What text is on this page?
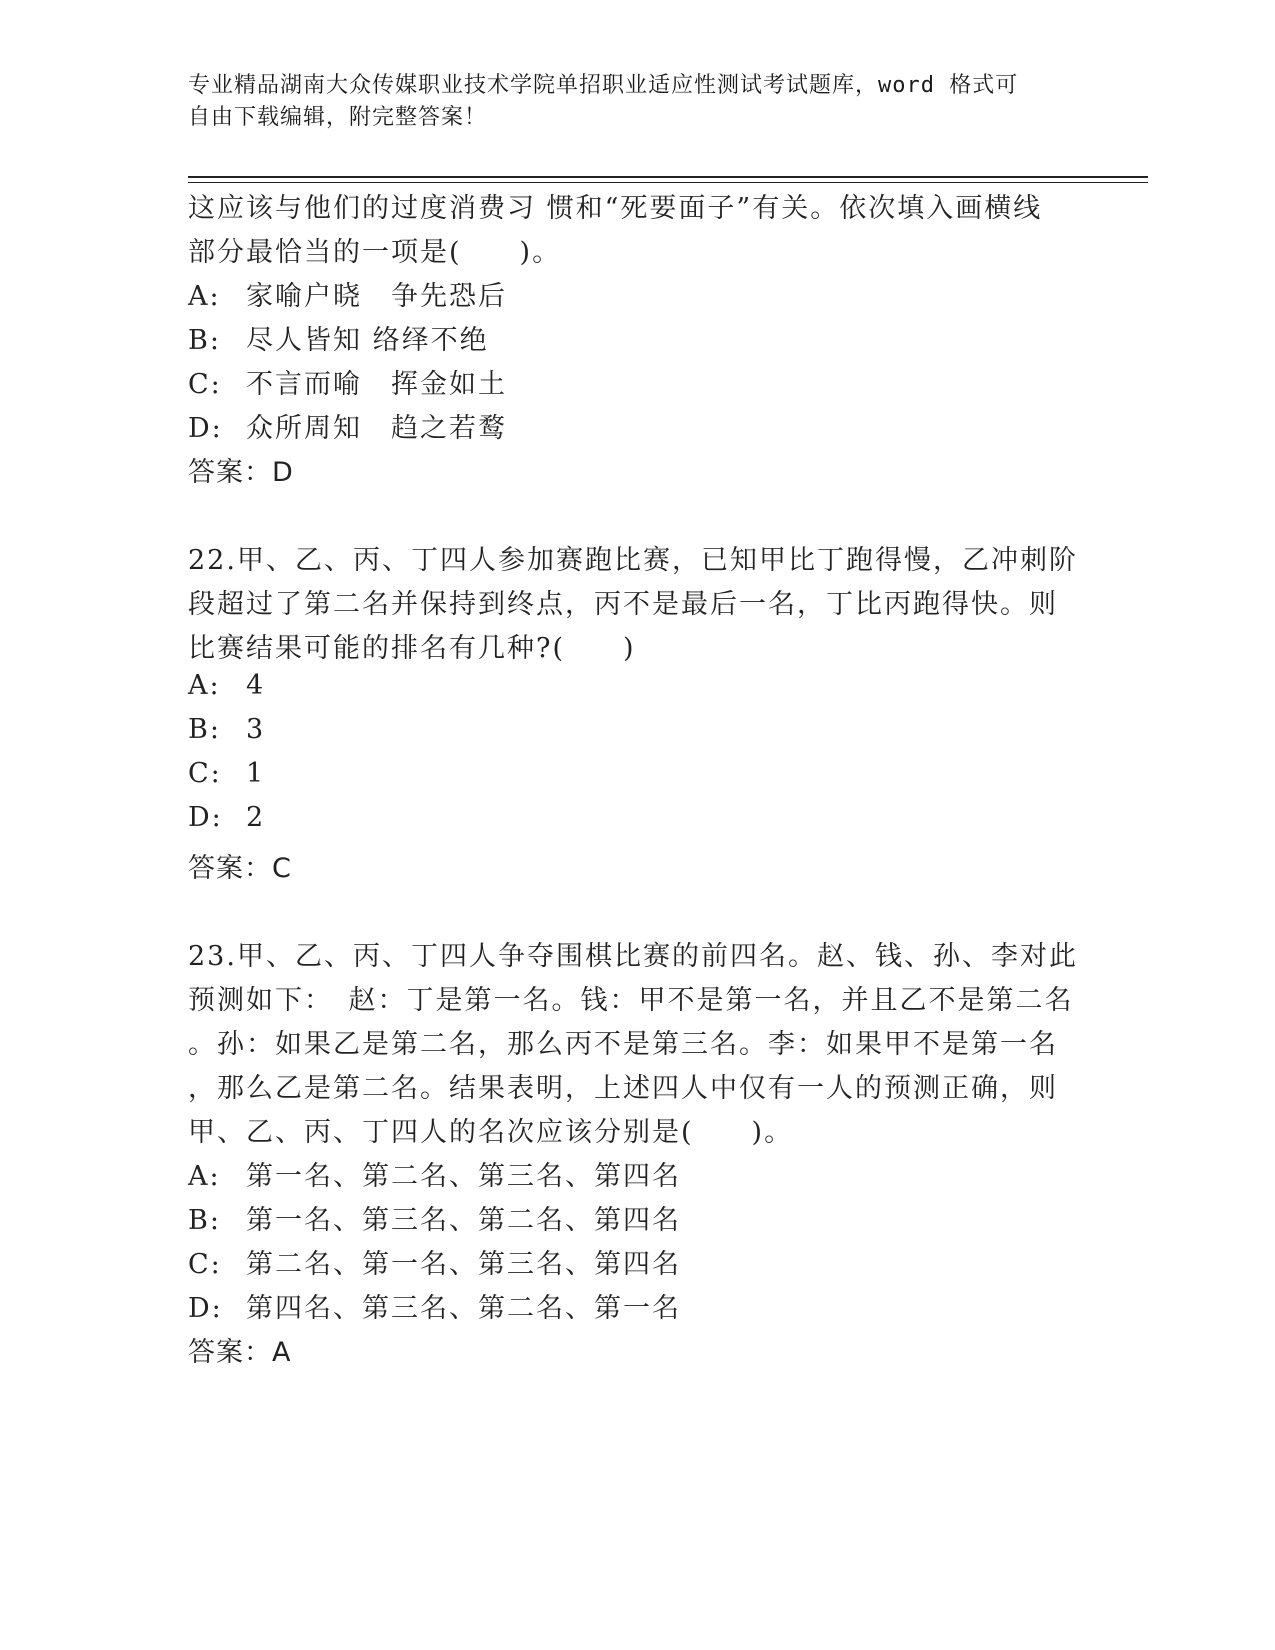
专业精品湖南大众传媒职业技术学院单招职业适应性测试考试题库，word 格式可
自由下载编辑，附完整答案！
这应该与他们的过度消费习 惯和“死要面子”有关。依次填入画横线
部分最恰当的一项是(　　)。
A: 家喻户晓　争先恐后
B: 尽人皆知 络绎不绝
C: 不言而喻　挥金如土
D: 众所周知　趋之若鹜
答案：D
22.甲、乙、丙、丁四人参加赛跑比赛，已知甲比丁跑得慢，乙冲刺阶
段超过了第二名并保持到终点，丙不是最后一名，丁比丙跑得快。则
比赛结果可能的排名有几种?(　　)
A: 4
B: 3
C: 1
D: 2
答案：C
23.甲、乙、丙、丁四人争夺围棋比赛的前四名。赵、钱、孙、李对此
预测如下：　赵：丁是第一名。钱：甲不是第一名，并且乙不是第二名
。孙：如果乙是第二名，那么丙不是第三名。李：如果甲不是第一名
，那么乙是第二名。结果表明，上述四人中仅有一人的预测正确，则
甲、乙、丙、丁四人的名次应该分别是(　　)。
A: 第一名、第二名、第三名、第四名
B: 第一名、第三名、第二名、第四名
C: 第二名、第一名、第三名、第四名
D: 第四名、第三名、第二名、第一名
答案：A
